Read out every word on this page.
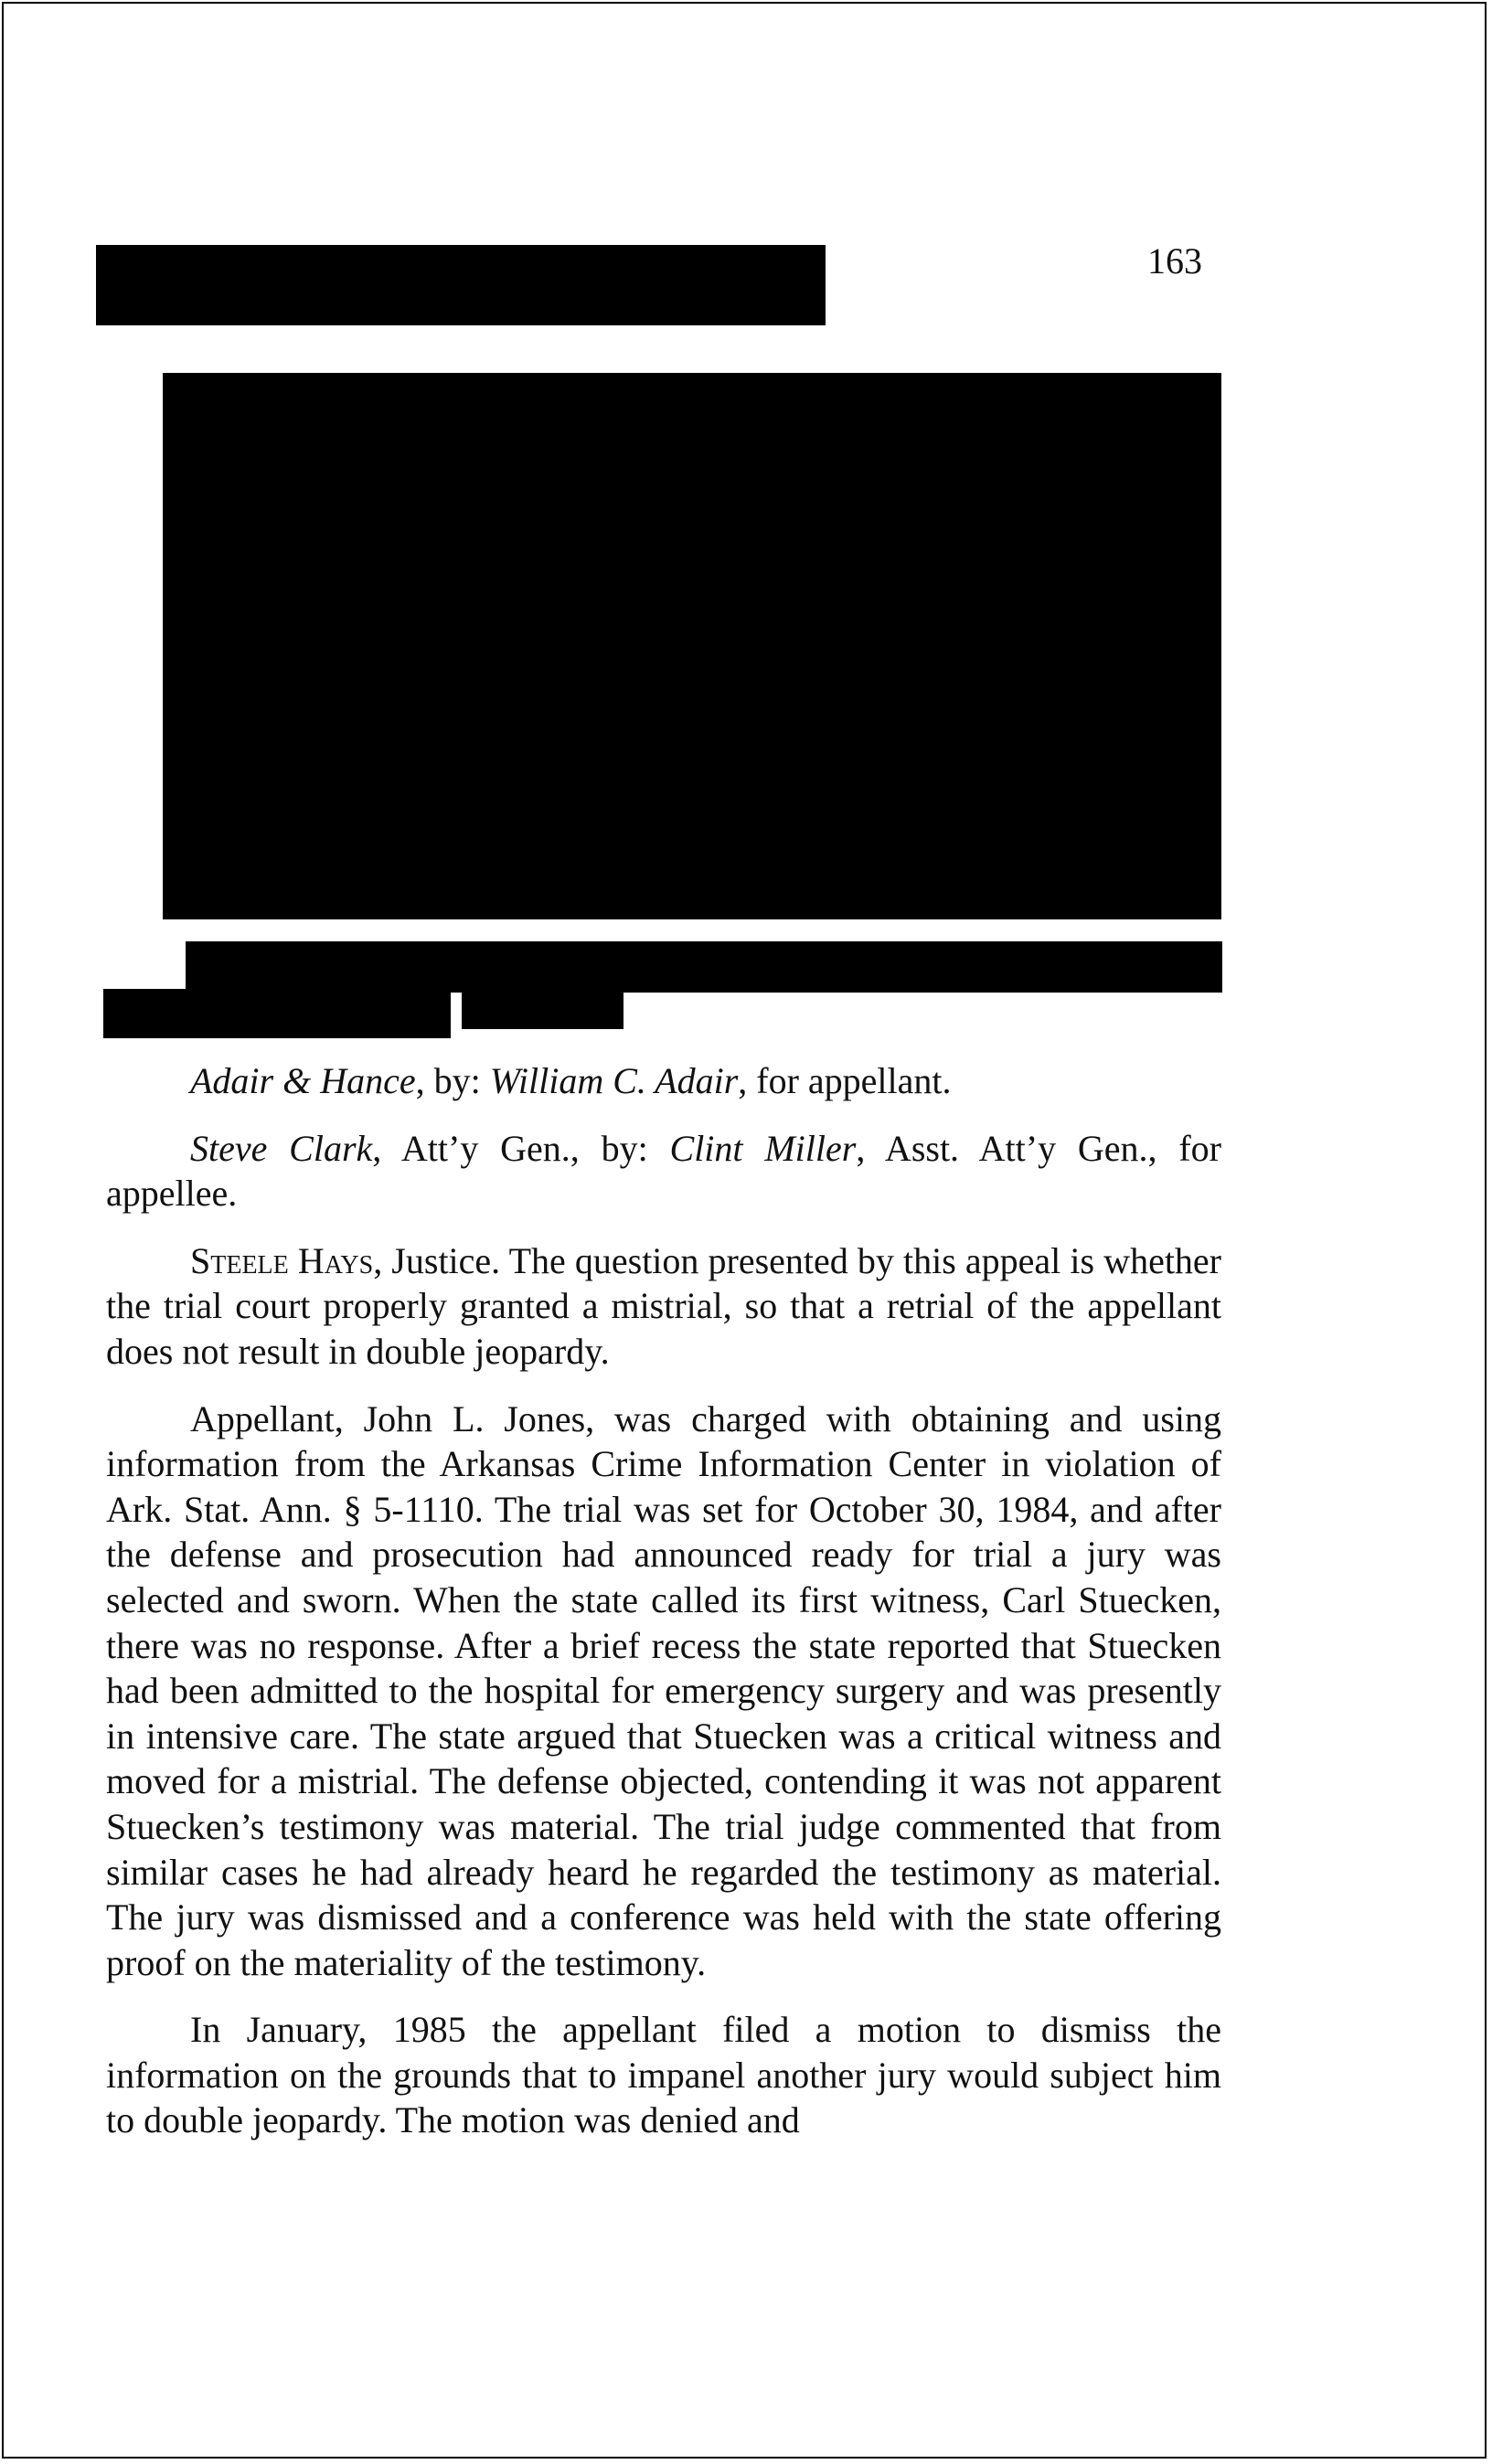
163

Adair & Hance, by: William C. Adair, for appellant.

Steve Clark, Att’y Gen., by: Clint Miller, Asst. Att’y Gen., for appellee.

Steele Hays, Justice. The question presented by this appeal is whether the trial court properly granted a mistrial, so that a retrial of the appellant does not result in double jeopardy.

Appellant, John L. Jones, was charged with obtaining and using information from the Arkansas Crime Information Center in violation of Ark. Stat. Ann. § 5-1110. The trial was set for October 30, 1984, and after the defense and prosecution had announced ready for trial a jury was selected and sworn. When the state called its first witness, Carl Stuecken, there was no response. After a brief recess the state reported that Stuecken had been admitted to the hospital for emergency surgery and was presently in intensive care. The state argued that Stuecken was a critical witness and moved for a mistrial. The defense objected, contending it was not apparent Stuecken’s testimony was material. The trial judge commented that from similar cases he had already heard he regarded the testimony as material. The jury was dismissed and a conference was held with the state offering proof on the materiality of the testimony.

In January, 1985 the appellant filed a motion to dismiss the information on the grounds that to impanel another jury would subject him to double jeopardy. The motion was denied and
